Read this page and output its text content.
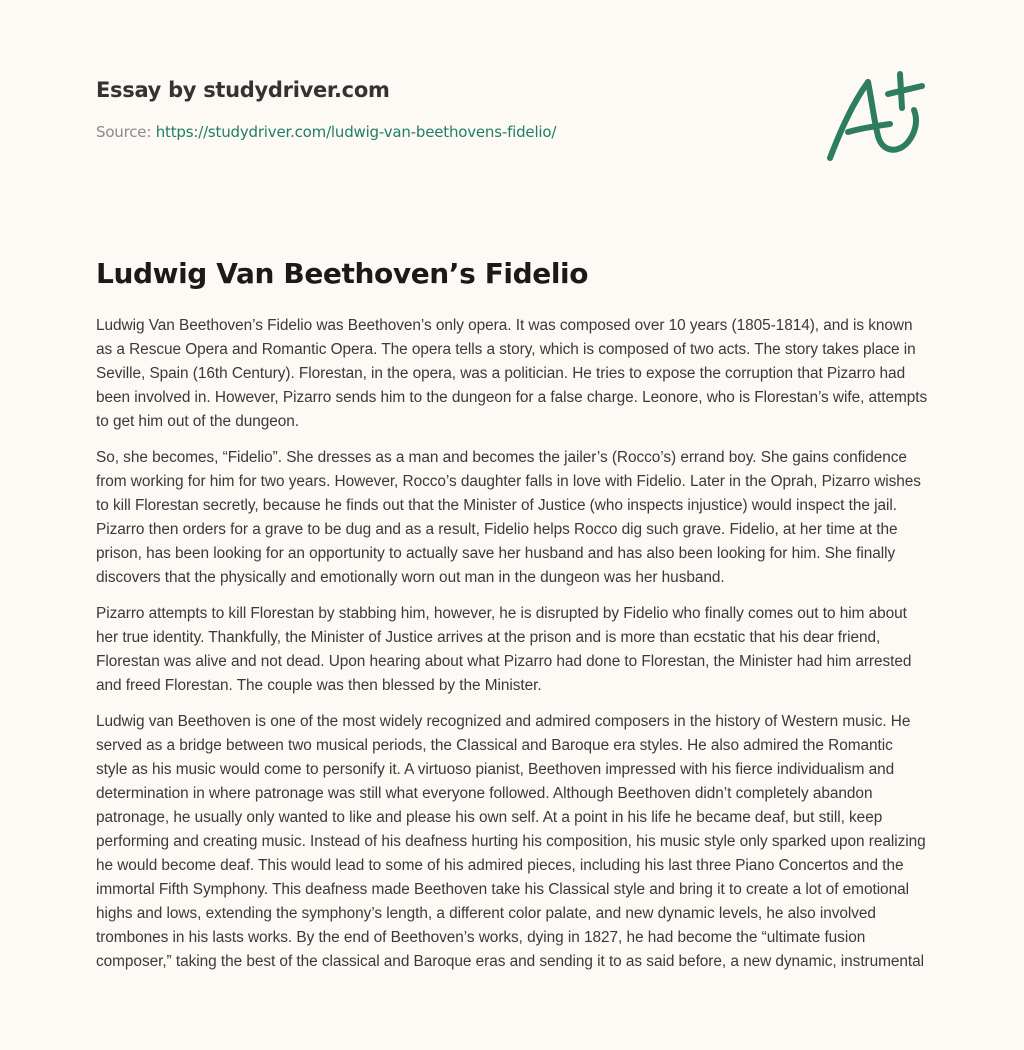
Essay by studydriver.com
Source: https://studydriver.com/ludwig-van-beethovens-fidelio/
Ludwig Van Beethoven’s Fidelio

Ludwig Van Beethoven’s Fidelio was Beethoven’s only opera. It was composed over 10 years (1805-1814), and is known as a Rescue Opera and Romantic Opera. The opera tells a story, which is composed of two acts. The story takes place in Seville, Spain (16th Century). Florestan, in the opera, was a politician. He tries to expose the corruption that Pizarro had been involved in. However, Pizarro sends him to the dungeon for a false charge. Leonore, who is Florestan’s wife, attempts to get him out of the dungeon.

So, she becomes, “Fidelio”. She dresses as a man and becomes the jailer’s (Rocco’s) errand boy. She gains confidence from working for him for two years. However, Rocco’s daughter falls in love with Fidelio. Later in the Oprah, Pizarro wishes to kill Florestan secretly, because he finds out that the Minister of Justice (who inspects injustice) would inspect the jail. Pizarro then orders for a grave to be dug and as a result, Fidelio helps Rocco dig such grave. Fidelio, at her time at the prison, has been looking for an opportunity to actually save her husband and has also been looking for him. She finally discovers that the physically and emotionally worn out man in the dungeon was her husband.

Pizarro attempts to kill Florestan by stabbing him, however, he is disrupted by Fidelio who finally comes out to him about her true identity. Thankfully, the Minister of Justice arrives at the prison and is more than ecstatic that his dear friend, Florestan was alive and not dead. Upon hearing about what Pizarro had done to Florestan, the Minister had him arrested and freed Florestan. The couple was then blessed by the Minister.

Ludwig van Beethoven is one of the most widely recognized and admired composers in the history of Western music. He served as a bridge between two musical periods, the Classical and Baroque era styles. He also admired the Romantic style as his music would come to personify it. A virtuoso pianist, Beethoven impressed with his fierce individualism and determination in where patronage was still what everyone followed. Although Beethoven didn’t completely abandon patronage, he usually only wanted to like and please his own self. At a point in his life he became deaf, but still, keep performing and creating music. Instead of his deafness hurting his composition, his music style only sparked upon realizing he would become deaf. This would lead to some of his admired pieces, including his last three Piano Concertos and the immortal Fifth Symphony. This deafness made Beethoven take his Classical style and bring it to create a lot of emotional highs and lows, extending the symphony’s length, a different color palate, and new dynamic levels, he also involved trombones in his lasts works. By the end of Beethoven’s works, dying in 1827, he had become the “ultimate fusion composer,” taking the best of the classical and Baroque eras and sending it to as said before, a new dynamic, instrumental
